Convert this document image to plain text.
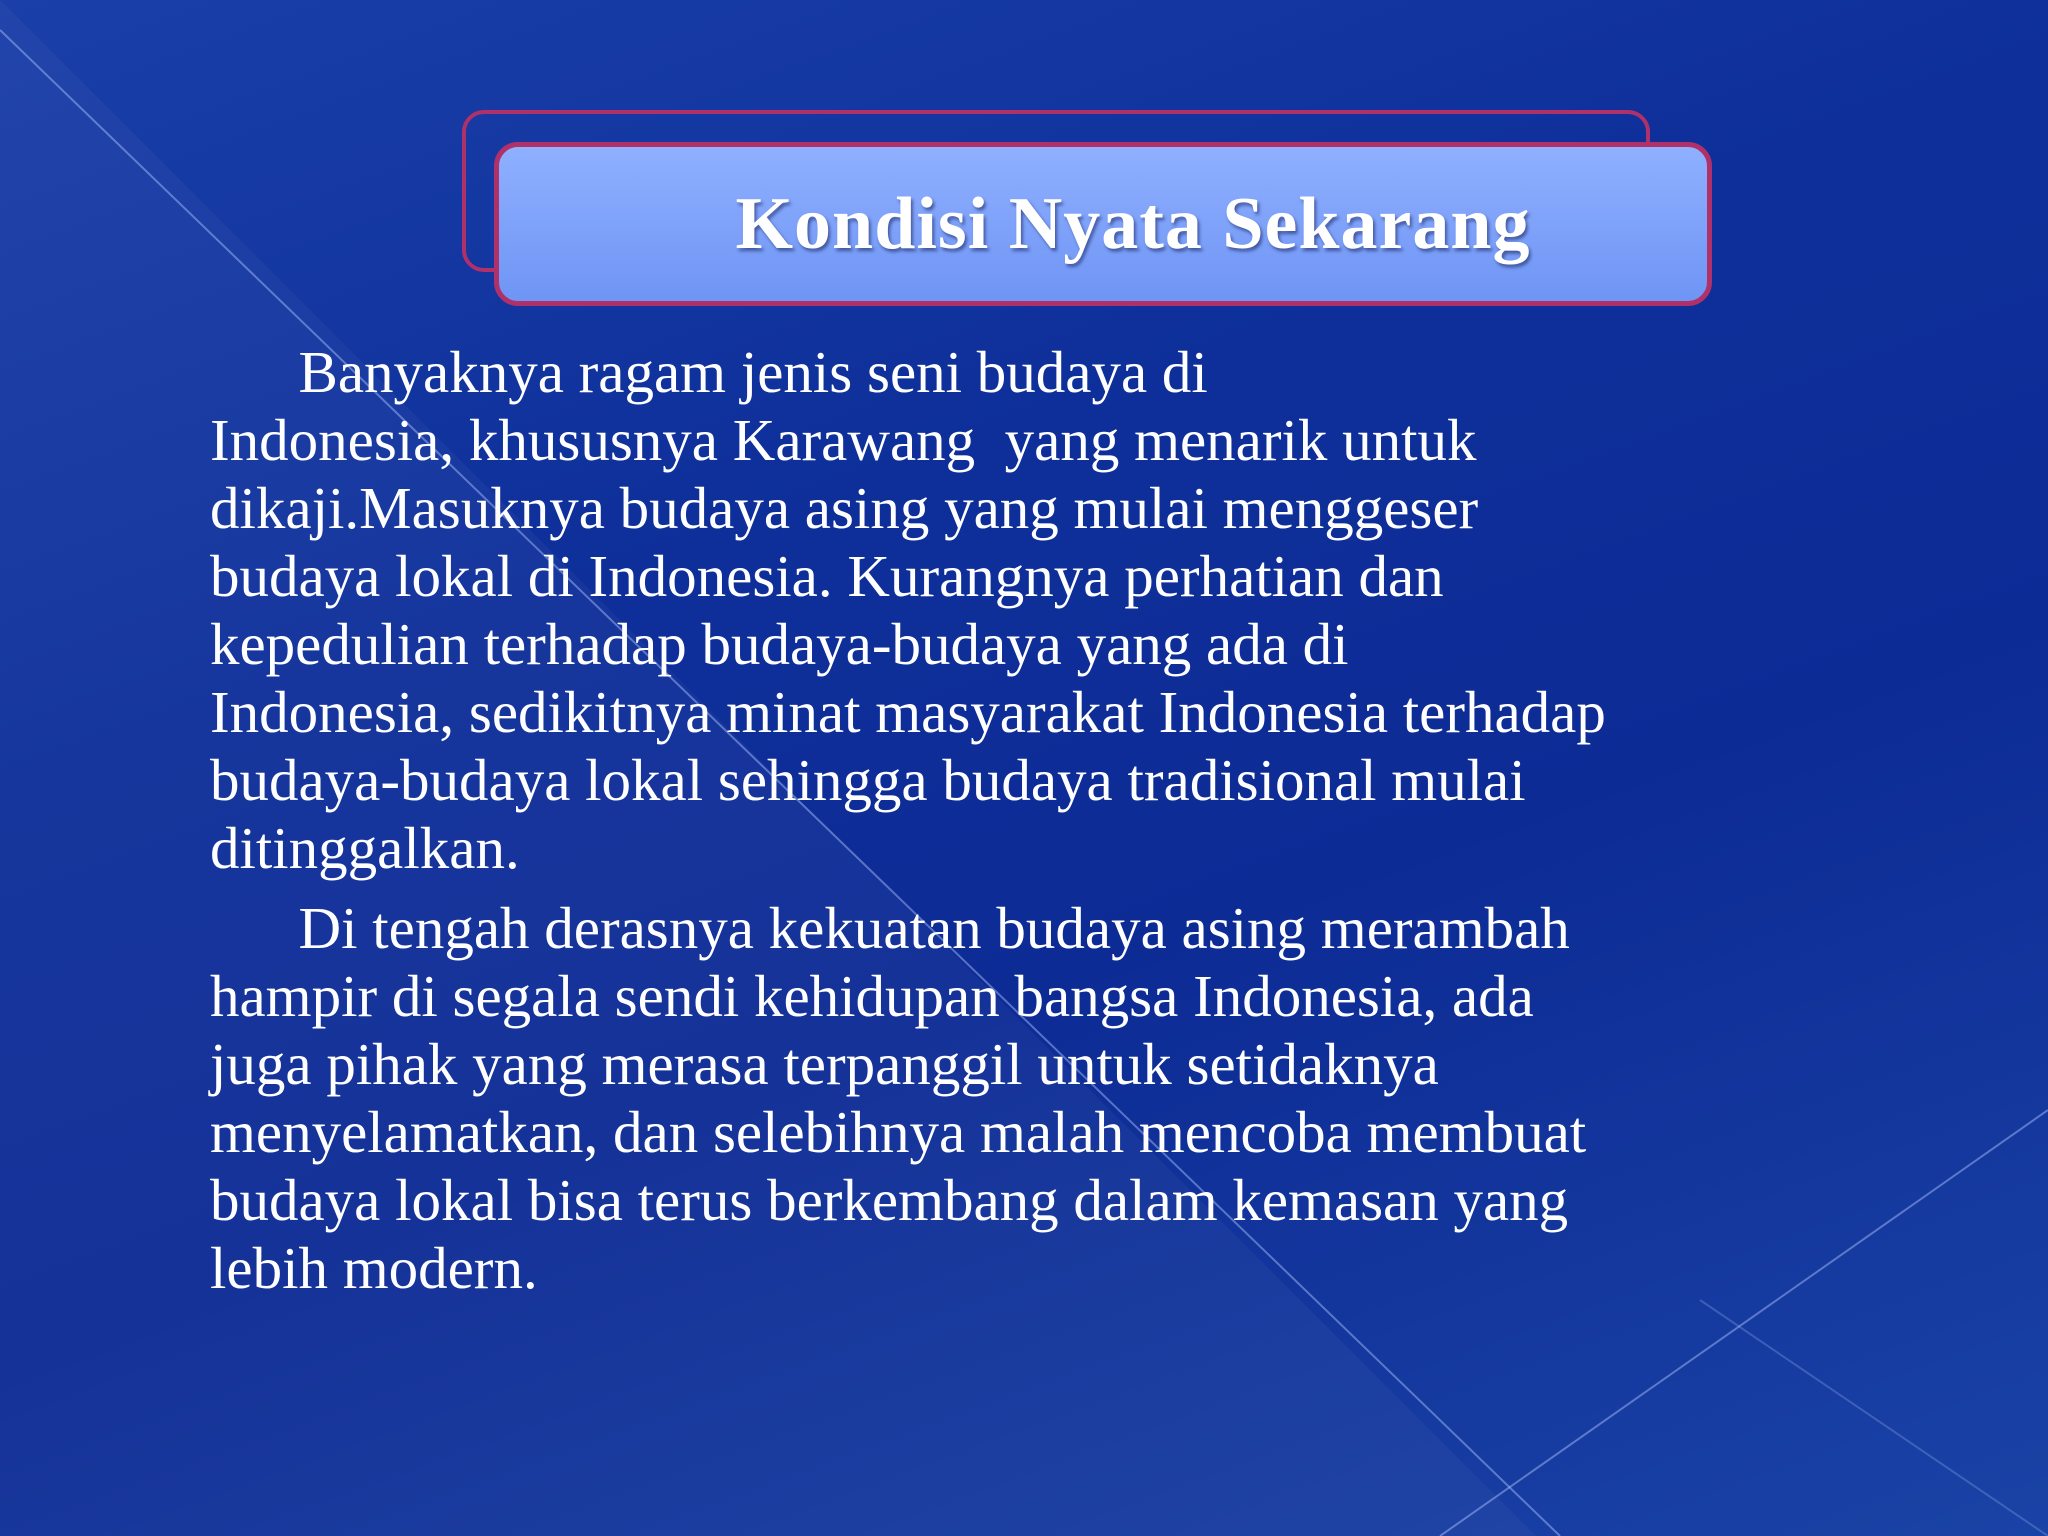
Kondisi Nyata Sekarang

Banyaknya ragam jenis seni budaya di
Indonesia, khususnya Karawang  yang menarik untuk
dikaji.Masuknya budaya asing yang mulai menggeser
budaya lokal di Indonesia. Kurangnya perhatian dan
kepedulian terhadap budaya-budaya yang ada di
Indonesia, sedikitnya minat masyarakat Indonesia terhadap
budaya-budaya lokal sehingga budaya tradisional mulai
ditinggalkan.

Di tengah derasnya kekuatan budaya asing merambah
hampir di segala sendi kehidupan bangsa Indonesia, ada
juga pihak yang merasa terpanggil untuk setidaknya
menyelamatkan, dan selebihnya malah mencoba membuat
budaya lokal bisa terus berkembang dalam kemasan yang
lebih modern.
